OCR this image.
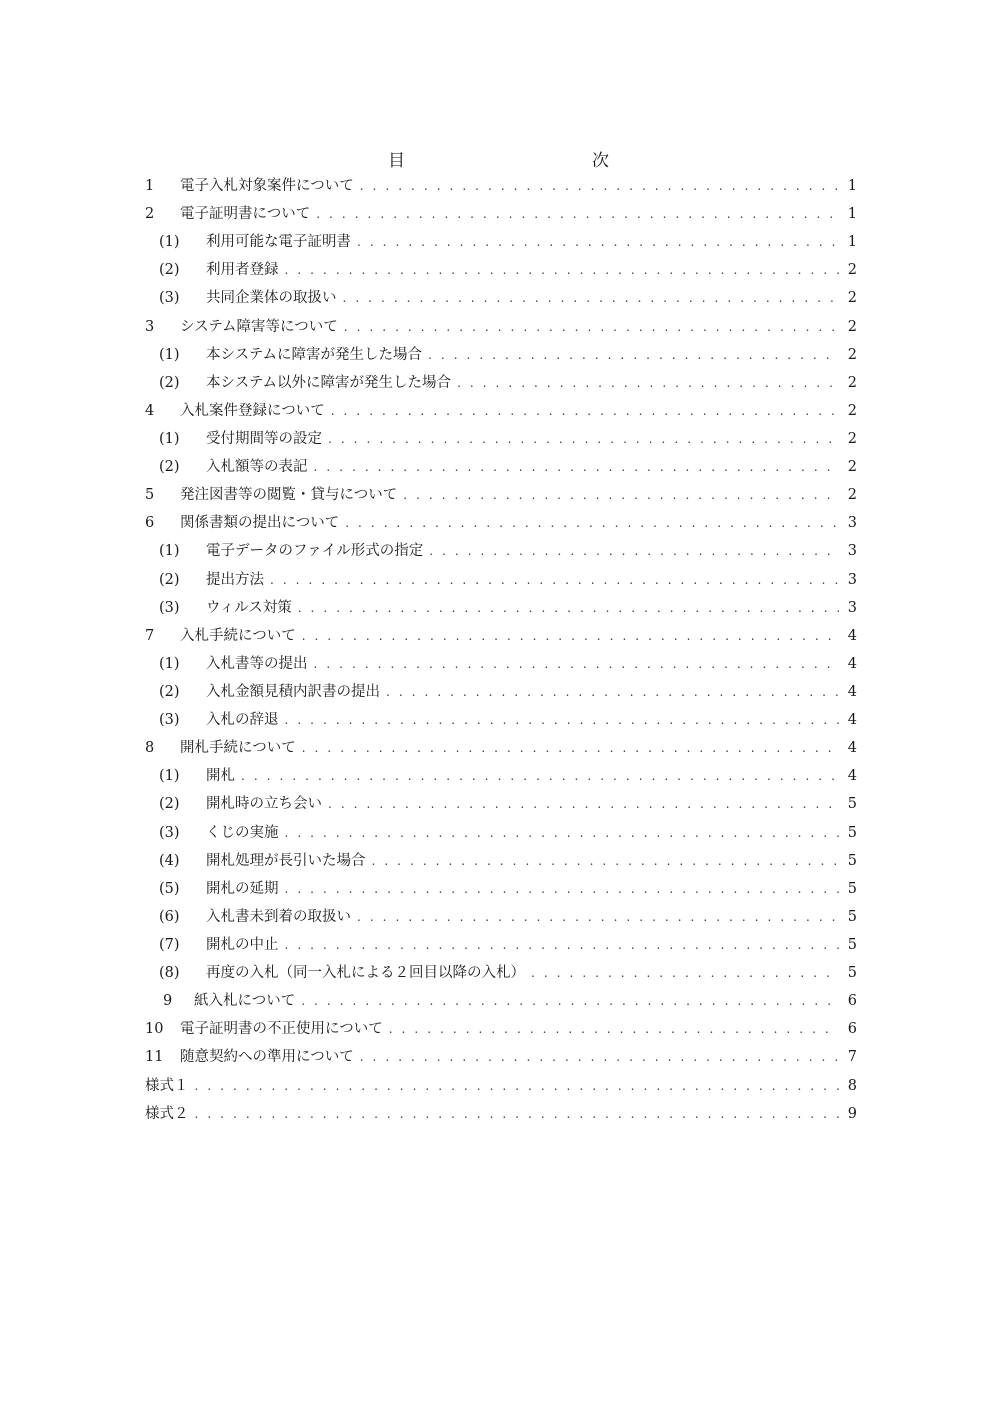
目	次
1	電子入札対象案件について . . .	1
2	電子証明書について . . .	1
(1)	利用可能な電子証明書 . . .	1
(2)	利用者登録 . . .	2
(3)	共同企業体の取扱い . . .	2
3	システム障害等について . . .	2
(1)	本システムに障害が発生した場合 . . .	2
(2)	本システム以外に障害が発生した場合 . . .	2
4	入札案件登録について . . .	2
(1)	受付期間等の設定 . . .	2
(2)	入札額等の表記 . . .	2
5	発注図書等の閲覧・貸与について . . .	2
6	関係書類の提出について . . .	3
(1)	電子データのファイル形式の指定 . . .	3
(2)	提出方法 . . .	3
(3)	ウィルス対策 . . .	3
7	入札手続について . . .	4
(1)	入札書等の提出 . . .	4
(2)	入札金額見積内訳書の提出 . . .	4
(3)	入札の辞退 . . .	4
8	開札手続について . . .	4
(1)	開札 . . .	4
(2)	開札時の立ち会い . . .	5
(3)	くじの実施 . . .	5
(4)	開札処理が長引いた場合 . . .	5
(5)	開札の延期 . . .	5
(6)	入札書未到着の取扱い . . .	5
(7)	開札の中止 . . .	5
(8)	再度の入札（同一入札による２回目以降の入札） . . .	5
9	紙入札について . . .	6
10	電子証明書の不正使用について . . .	6
11	随意契約への準用について . . .	7
様式１ . . .	8
様式２ . . .	9
